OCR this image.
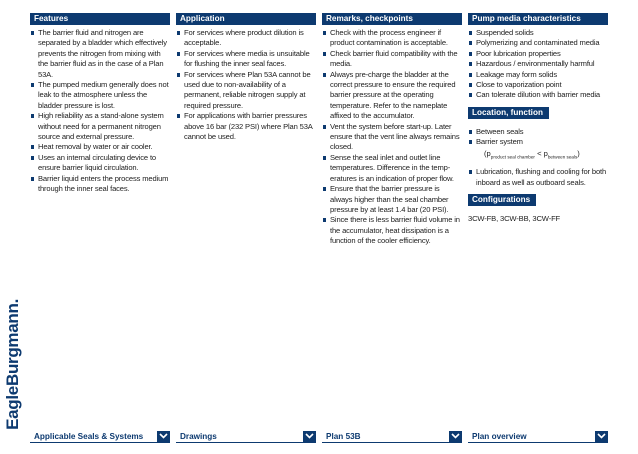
EagleBurgmann.
Features
The barrier fluid and nitrogen are separated by a bladder which effectively prevents the nitrogen from mixing with the barrier fluid as in the case of a Plan 53A.
The pumped medium generally does not leak to the atmosphere unless the bladder pressure is lost.
High reliability as a stand-alone system without need for a permanent nitrogen source and external pressure.
Heat removal by water or air cooler.
Uses an internal circulating device to ensure barrier liquid circulation.
Barrier liquid enters the process medium through the inner seal faces.
Application
For services where product dilution is acceptable.
For services where media is unsuitable for flushing the inner seal faces.
For services where Plan 53A cannot be used due to non-availability of a permanent, reliable nitrogen supply at required pressure.
For applications with barrier pressures above 16 bar (232 PSI) where Plan 53A cannot be used.
Remarks, checkpoints
Check with the process engineer if product contamination is acceptable.
Check barrier fluid compatibility with the media.
Always pre-charge the bladder at the correct pressure to ensure the required barrier pressure at the operating temperature. Refer to the nameplate affixed to the accumulator.
Vent the system before start-up. Later ensure that the vent line always remains closed.
Sense the seal inlet and outlet line temperatures. Difference in the temp- eratures is an indication of proper flow.
Ensure that the barrier pressure is always higher than the seal chamber pressure by at least 1.4 bar (20 PSI).
Since there is less barrier fluid volume in the accumulator, heat dissipation is a function of the cooler efficiency.
Pump media characteristics
Suspended solids
Polymerizing and contaminated media
Poor lubrication properties
Hazardous / environmentally harmful
Leakage may form solids
Close to vaporization point
Can tolerate dilution with barrier media
Location, function
Between seals
Barrier system
$(p_{product seal chamber} < p_{between seals})$
Lubrication, flushing and cooling for both inboard as well as outboard seals.
Configurations
3CW-FB, 3CW-BB, 3CW-FF
Applicable Seals & Systems	Drawings	Plan 53B	Plan overview
